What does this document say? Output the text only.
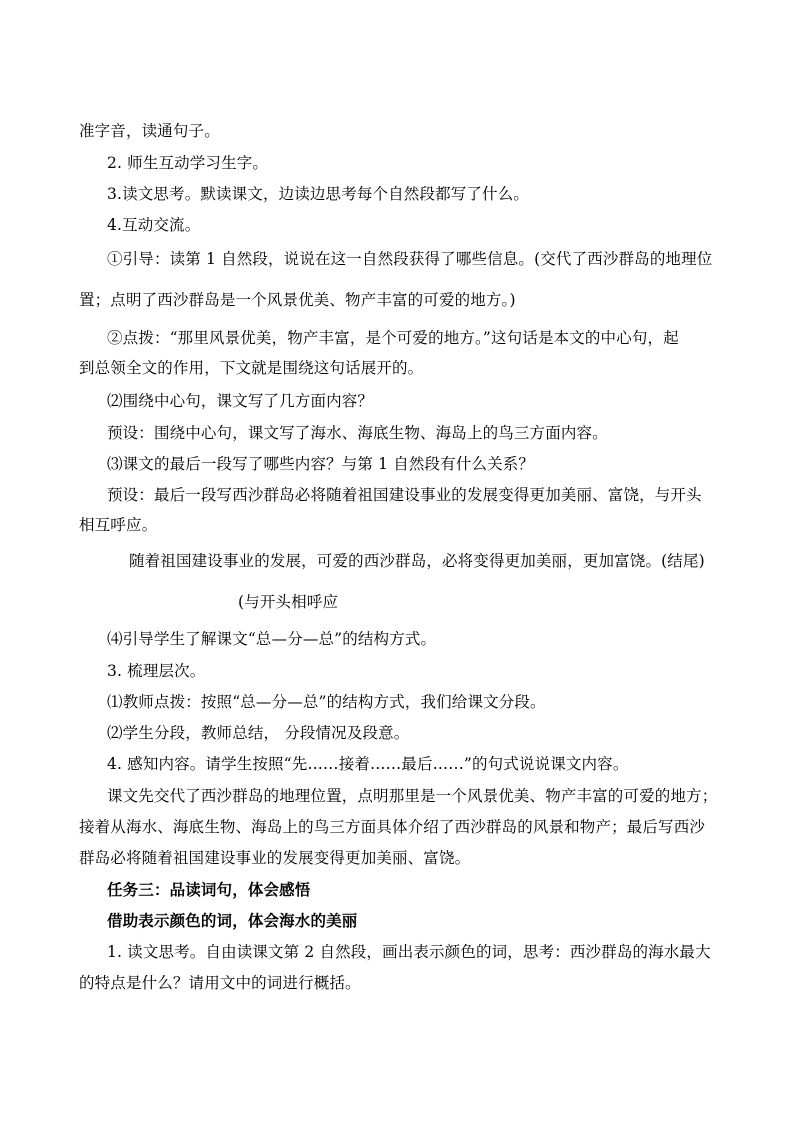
准字音，读通句子。
2. 师生互动学习生字。
3.读文思考。默读课文，边读边思考每个自然段都写了什么。
4.互动交流。
①引导：读第 1 自然段，说说在这一自然段获得了哪些信息。(交代了西沙群岛的地理位
置；点明了西沙群岛是一个风景优美、物产丰富的可爱的地方。)
②点拨：“那里风景优美，物产丰富，是个可爱的地方。”这句话是本文的中心句，起
到总领全文的作用，下文就是围绕这句话展开的。
⑵围绕中心句，课文写了几方面内容？
预设：围绕中心句，课文写了海水、海底生物、海岛上的鸟三方面内容。
⑶课文的最后一段写了哪些内容？与第 1 自然段有什么关系？
预设：最后一段写西沙群岛必将随着祖国建设事业的发展变得更加美丽、富饶，与开头
相互呼应。
随着祖国建设事业的发展，可爱的西沙群岛，必将变得更加美丽，更加富饶。(结尾)
(与开头相呼应
⑷引导学生了解课文“总—分—总”的结构方式。
3. 梳理层次。
⑴教师点拨：按照“总—分—总”的结构方式，我们给课文分段。
⑵学生分段，教师总结， 分段情况及段意。
4. 感知内容。请学生按照“先……接着……最后……”的句式说说课文内容。
课文先交代了西沙群岛的地理位置，点明那里是一个风景优美、物产丰富的可爱的地方；
接着从海水、海底生物、海岛上的鸟三方面具体介绍了西沙群岛的风景和物产；最后写西沙
群岛必将随着祖国建设事业的发展变得更加美丽、富饶。
任务三：品读词句，体会感悟
借助表示颜色的词，体会海水的美丽
1. 读文思考。自由读课文第 2 自然段，画出表示颜色的词，思考：西沙群岛的海水最大
的特点是什么？请用文中的词进行概括。
